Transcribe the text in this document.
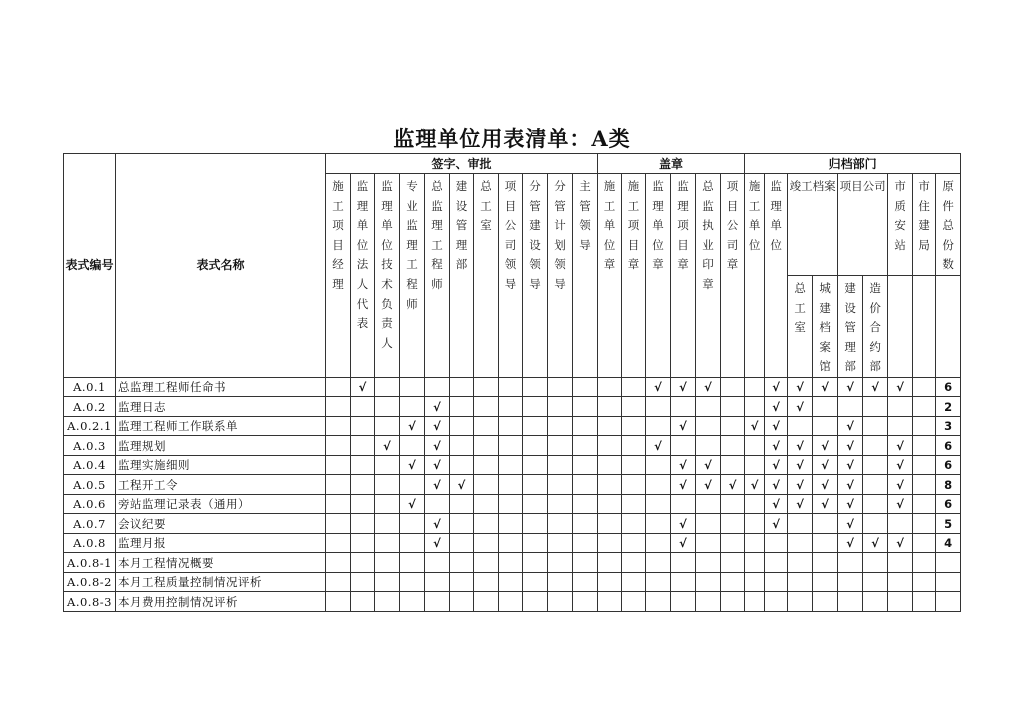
监理单位用表清单：A类
表式编号	表式名称	签字、审批											盖章						归档部门								

		施工项目经理	监理单位法人代表	监理单位技术负责人	专业监理工程师	总监理工程师	建设管理部	总工室	项目公司领导	分管建设领导	分管计划领导	主管领导	施工单位章	施工项目章	监理单位章	监理项目章	总监执业印章	项目公司章	施工单位	监理单位	竣工档案		项目公司		市质安站	市住建局	原件总份数

																					总工室	城建档案馆	建设管理部	造价合约部			

A.0.1	总监理工程师任命书		√												√	√	√			√	√	√	√	√	√		6
A.0.2	监理日志					√														√	√						2
A.0.2.1	监理工程师工作联系单				√	√										√			√	√			√				3
A.0.3	监理规划			√		√									√					√	√	√	√		√		6
A.0.4	监理实施细则				√	√										√	√			√	√	√	√		√		6
A.0.5	工程开工令					√	√									√	√	√	√	√	√	√	√		√		8
A.0.6	旁站监理记录表（通用）				√															√	√	√	√		√		6
A.0.7	会议纪要					√										√				√			√				5
A.0.8	监理月报					√										√							√	√	√		4
A.0.8-1	本月工程情况概要																										
A.0.8-2	本月工程质量控制情况评析																										
A.0.8-3	本月费用控制情况评析																										
